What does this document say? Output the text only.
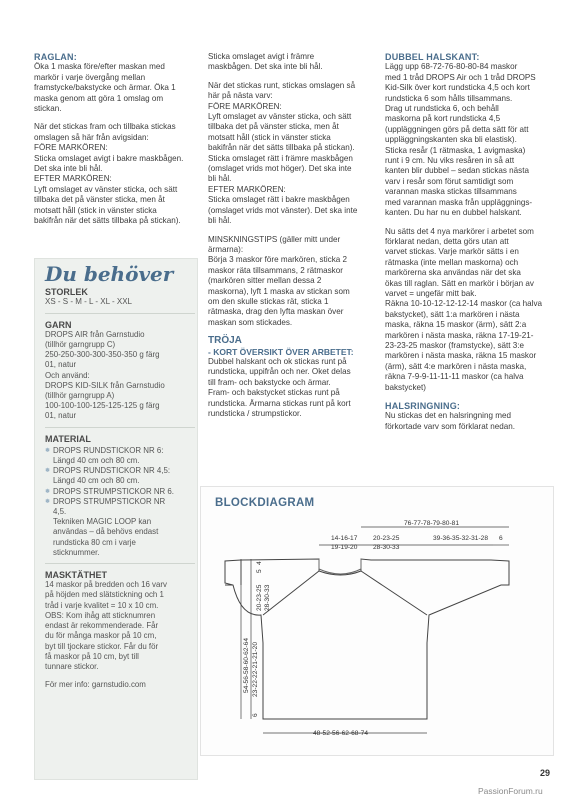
RAGLAN:

Öka 1 maska före/efter maskan med
markör i varje övergång mellan
framstycke/bakstycke och ärmar. Öka 1
maska genom att göra 1 omslag om
stickan.

När det stickas fram och tillbaka stickas
omslagen så här från avigsidan:
FÖRE MARKÖREN:
Sticka omslaget avigt i bakre maskbågen.
Det ska inte bli hål.
EFTER MARKÖREN:
Lyft omslaget av vänster sticka, och sätt
tillbaka det på vänster sticka, men åt
motsatt håll (stick in vänster sticka
bakifrån när det sätts tillbaka på stickan).

Du behöver
STORLEK
XS - S - M - L - XL - XXL
GARN
DROPS AIR från Garnstudio
(tillhör garngrupp C)
250-250-300-300-350-350 g färg
01, natur
Och använd:
DROPS KID-SILK från Garnstudio
(tillhör garngrupp A)
100-100-100-125-125-125 g färg
01, natur
MATERIAL
❅ DROPS RUNDSTICKOR NR 6:
Längd 40 cm och 80 cm.
❅ DROPS RUNDSTICKOR NR 4,5:
Längd 40 cm och 80 cm.
❅ DROPS STRUMPSTICKOR NR 6.
❅ DROPS STRUMPSTICKOR NR
4,5.
Tekniken MAGIC LOOP kan
användas – då behövs endast
rundsticka 80 cm i varje
sticknummer.
MASKTÄTHET
14 maskor på bredden och 16 varv
på höjden med slätstickning och 1
tråd i varje kvalitet = 10 x 10 cm.
OBS: Kom ihåg att sticknumren
endast är rekommenderade. Får
du för många maskor på 10 cm,
byt till tjockare stickor. Får du för
få maskor på 10 cm, byt till
tunnare stickor.
För mer info: garnstudio.com

Sticka omslaget avigt i främre
maskbågen. Det ska inte bli hål.

När det stickas runt, stickas omslagen så
här på nästa varv:
FÖRE MARKÖREN:
Lyft omslaget av vänster sticka, och sätt
tillbaka det på vänster sticka, men åt
motsatt håll (stick in vänster sticka
bakifrån när det sätts tillbaka på stickan).
Sticka omslaget rätt i främre maskbågen
(omslaget vrids mot höger). Det ska inte
bli hål.
EFTER MARKÖREN:
Sticka omslaget rätt i bakre maskbågen
(omslaget vrids mot vänster). Det ska inte
bli hål.

MINSKNINGSTIPS (gäller mitt under
ärmarna):
Börja 3 maskor före markören, sticka 2
maskor räta tillsammans, 2 rätmaskor
(markören sitter mellan dessa 2
maskorna), lyft 1 maska av stickan som
om den skulle stickas rät, sticka 1
rätmaska, drag den lyfta maskan över
maskan som stickades.

TRÖJA
- KORT ÖVERSIKT ÖVER ARBETET:

Dubbel halskant och ok stickas runt på
rundsticka, uppifrån och ner. Oket delas
till fram- och bakstycke och ärmar.
Fram- och bakstycket stickas runt på
rundsticka. Ärmarna stickas runt på kort
rundsticka / strumpstickor.

DUBBEL HALSKANT:

Lägg upp 68-72-76-80-80-84 maskor
med 1 tråd DROPS Air och 1 tråd DROPS
Kid-Silk över kort rundsticka 4,5 och kort
rundsticka 6 som hålls tillsammans.
Drag ut rundsticka 6, och behåll
maskorna på kort rundsticka 4,5
(uppläggningen görs på detta sätt för att
uppläggningskanten ska bli elastisk).
Sticka resår (1 rätmaska, 1 avigmaska)
runt i 9 cm. Nu viks resåren in så att
kanten blir dubbel – sedan stickas nästa
varv i resår som förut samtidigt som
varannan maska stickas tillsammans
med varannan maska från uppläggnings-
kanten. Du har nu en dubbel halskant.

Nu sätts det 4 nya markörer i arbetet som
förklarat nedan, detta görs utan att
varvet stickas. Varje markör sätts i en
rätmaska (inte mellan maskorna) och
markörerna ska användas när det ska
ökas till raglan. Sätt en markör i början av
varvet = ungefär mitt bak.
Räkna 10-10-12-12-12-14 maskor (ca halva
bakstycket), sätt 1:a markören i nästa
maska, räkna 15 maskor (ärm), sätt 2:a
markören i nästa maska, räkna 17-19-21-
23-23-25 maskor (framstycke), sätt 3:e
markören i nästa maska, räkna 15 maskor
(ärm), sätt 4:e markören i nästa maska,
räkna 7-9-9-11-11-11 maskor (ca halva
bakstycket)

HALSRINGNING:

Nu stickas det en halsringning med
förkortade varv som förklarat nedan.

BLOCKDIAGRAM
76-77-78-79-80-81
14-16-17
19-19-20
20-23-25
28-30-33
39-36-35-32-31-28 6
48-52-56-62-68-74
5
4
20-23-25 28-30-33
54-56-58-60-62-64 23-22-22-21-21-20
6
29
PassionForum.ru
